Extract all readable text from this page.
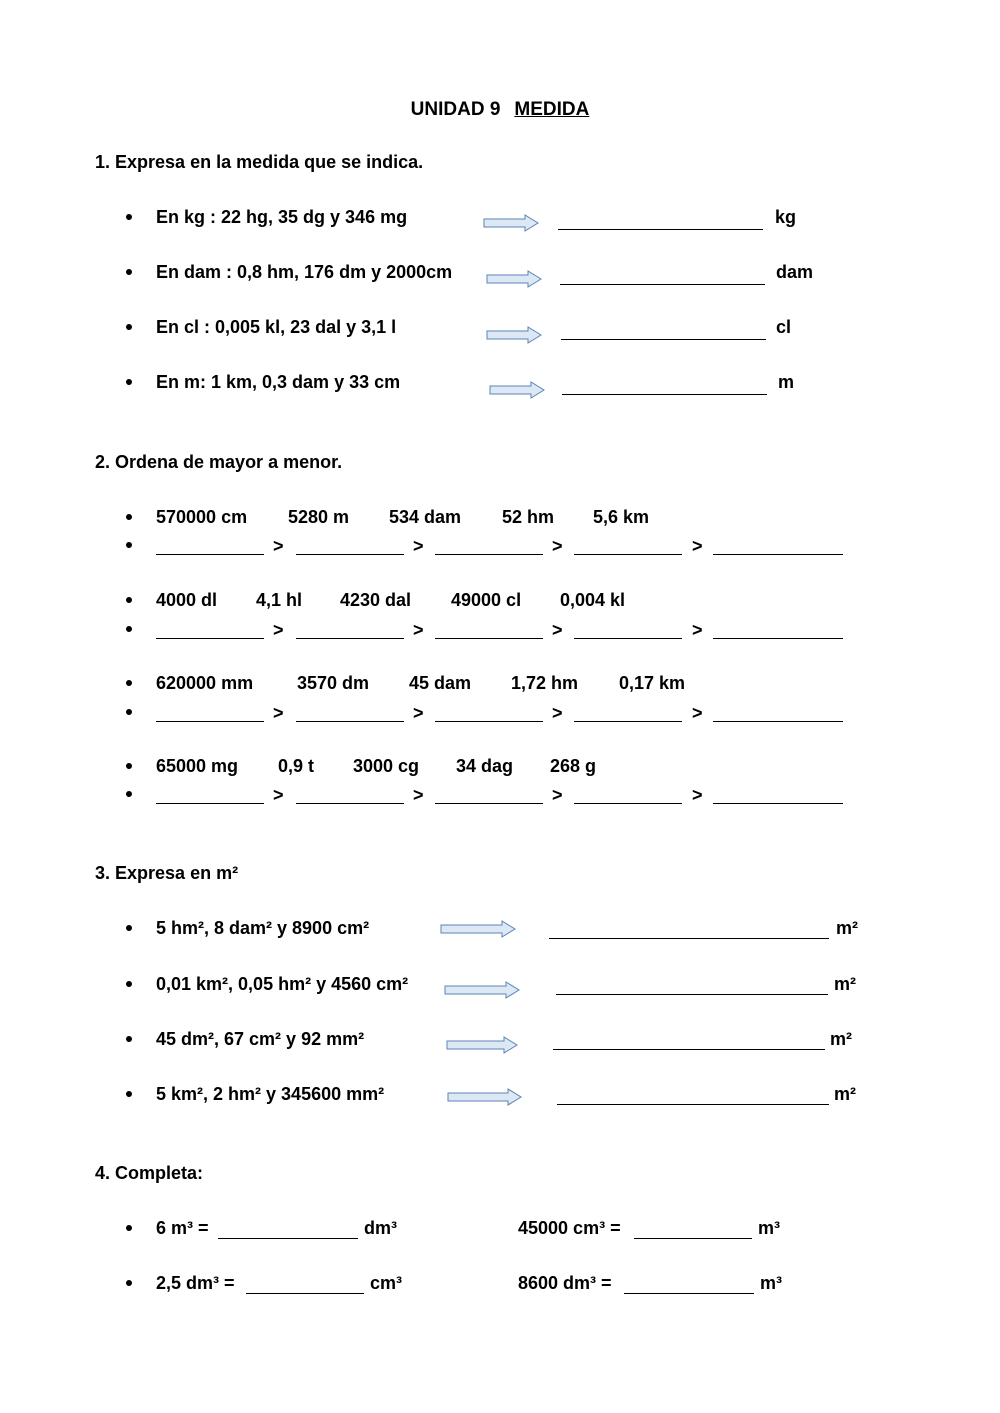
UNIDAD 9 MEDIDA
1. Expresa en la medida que se indica.
En kg : 22 hg, 35 dg y 346 mg	kg
En dam : 0,8 hm, 176 dm y 2000cm	dam
En cl : 0,005 kl, 23 dal y 3,1 l	cl
En m: 1 km, 0,3 dam y 33 cm	m
2. Ordena de mayor a menor.
570000 cm 5280 m 534 dam 52 hm 5,6 km
>	>	>	>
4000 dl 4,1 hl 4230 dal 49000 cl 0,004 kl
>	>	>	>
620000 mm 3570 dm 45 dam 1,72 hm 0,17 km
>	>	>	>
65000 mg 0,9 t 3000 cg 34 dag 268 g
>	>	>	>
3. Expresa en m²
5 hm², 8 dam² y 8900 cm²	m²
0,01 km², 0,05 hm² y 4560 cm²	m²
45 dm², 67 cm² y 92 mm²	m²
5 km², 2 hm² y 345600 mm²	m²
4. Completa:
6 m³ =	dm³	45000 cm³ =	m³
2,5 dm³ =	cm³	8600 dm³ =	m³
